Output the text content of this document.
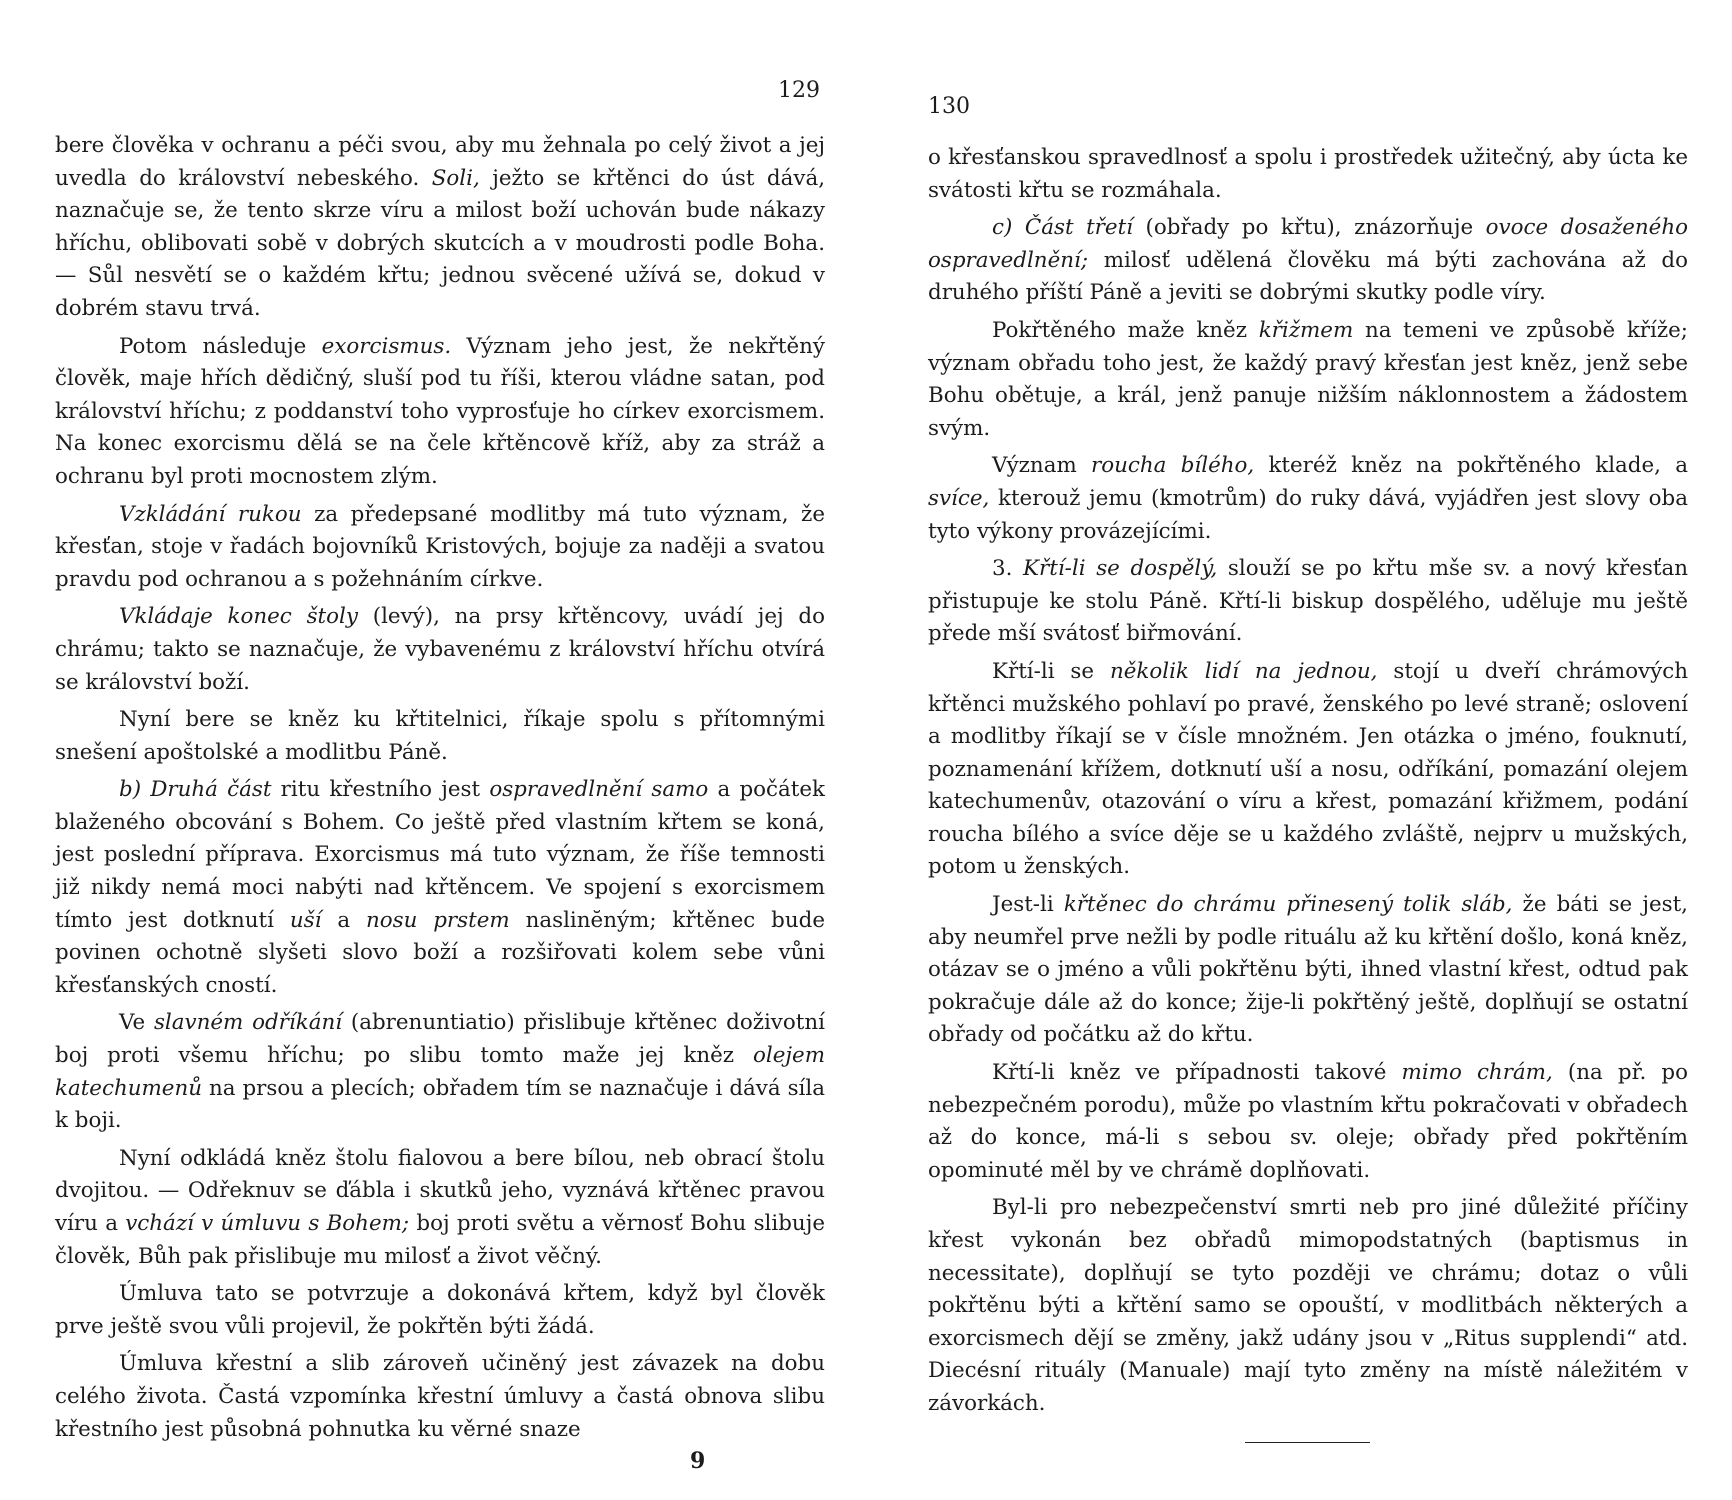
129

bere člověka v ochranu a péči svou, aby mu žehnala po celý život a jej uvedla do království nebeského. Soli, ježto se křtěnci do úst dává, naznačuje se, že tento skrze víru a milost boží uchován bude nákazy hříchu, oblibovati sobě v dobrých skutcích a v moudrosti podle Boha. — Sůl nesvětí se o každém křtu; jednou svěcené užívá se, dokud v dobrém stavu trvá.

Potom následuje exorcismus. Význam jeho jest, že nekřtěný člověk, maje hřích dědičný, sluší pod tu říši, kterou vládne satan, pod království hříchu; z poddanství toho vyprosťuje ho církev exorcismem. Na konec exorcismu dělá se na čele křtěncově kříž, aby za stráž a ochranu byl proti mocnostem zlým.

Vzkládání rukou za předepsané modlitby má tuto význam, že křesťan, stoje v řadách bojovníků Kristových, bojuje za naději a svatou pravdu pod ochranou a s požehnáním církve.

Vkládaje konec štoly (levý), na prsy křtěncovy, uvádí jej do chrámu; takto se naznačuje, že vybavenému z království hříchu otvírá se království boží.

Nyní bere se kněz ku křtitelnici, říkaje spolu s přítomnými snešení apoštolské a modlitbu Páně.

b) Druhá část ritu křestního jest ospravedlnění samo a počátek blaženého obcování s Bohem. Co ještě před vlastním křtem se koná, jest poslední příprava. Exorcismus má tuto význam, že říše temnosti již nikdy nemá moci nabýti nad křtěncem. Ve spojení s exorcismem tímto jest dotknutí uší a nosu prstem naslinĕným; křtěnec bude povinen ochotně slyšeti slovo boží a rozšiřovati kolem sebe vůni křesťanských cností.

Ve slavném odříkání (abrenuntiatio) přislibuje křtěnec doživotní boj proti všemu hříchu; po slibu tomto maže jej kněz olejem katechumenů na prsou a plecích; obřadem tím se naznačuje i dává síla k boji.

Nyní odkládá kněz štolu fialovou a bere bílou, neb obrací štolu dvojitou. — Odřeknuv se ďábla i skutků jeho, vyznává křtěnec pravou víru a vchází v úmluvu s Bohem; boj proti světu a věrnosť Bohu slibuje člověk, Bůh pak přislibuje mu milosť a život věčný.

Úmluva tato se potvrzuje a dokonává křtem, když byl člověk prve ještě svou vůli projevil, že pokřtěn býti žádá.

Úmluva křestní a slib zároveň učiněný jest závazek na dobu celého života. Častá vzpomínka křestní úmluvy a častá obnova slibu křestního jest působná pohnutka ku věrné snaze

9
130

o křesťanskou spravedlnosť a spolu i prostředek užitečný, aby úcta ke svátosti křtu se rozmáhala.

c) Část třetí (obřady po křtu), znázorňuje ovoce dosaženého ospravedlnění; milosť udělená člověku má býti zachována až do druhého příští Páně a jeviti se dobrými skutky podle víry.

Pokřtěného maže kněz křižmem na temeni ve způsobě kříže; význam obřadu toho jest, že každý pravý křesťan jest kněz, jenž sebe Bohu obětuje, a král, jenž panuje nižším náklonnostem a žádostem svým.

Význam roucha bílého, kteréž kněz na pokřtěného klade, a svíce, kterouž jemu (kmotrům) do ruky dává, vyjádřen jest slovy oba tyto výkony provázejícími.

3. Křtí-li se dospělý, slouží se po křtu mše sv. a nový křesťan přistupuje ke stolu Páně. Křtí-li biskup dospělého, uděluje mu ještě přede mší svátosť biřmování.

Křtí-li se několik lidí na jednou, stojí u dveří chrámových křtěnci mužského pohlaví po pravé, ženského po levé straně; oslovení a modlitby říkají se v čísle množném. Jen otázka o jméno, fouknutí, poznamenání křížem, dotknutí uší a nosu, odříkání, pomazání olejem katechumenův, otazování o víru a křest, pomazání křižmem, podání roucha bílého a svíce děje se u každého zvláště, nejprv u mužských, potom u ženských.

Jest-li křtěnec do chrámu přinesený tolik sláb, že báti se jest, aby neumřel prve nežli by podle rituálu až ku křtění došlo, koná kněz, otázav se o jméno a vůli pokřtěnu býti, ihned vlastní křest, odtud pak pokračuje dále až do konce; žije-li pokřtěný ještě, doplňují se ostatní obřady od počátku až do křtu.

Křtí-li kněz ve případnosti takové mimo chrám, (na př. po nebezpečném porodu), může po vlastním křtu pokračovati v obřadech až do konce, má-li s sebou sv. oleje; obřady před pokřtěním opominuté měl by ve chrámě doplňovati.

Byl-li pro nebezpečenství smrti neb pro jiné důležité příčiny křest vykonán bez obřadů mimopodstatných (baptismus in necessitate), doplňují se tyto později ve chrámu; dotaz o vůli pokřtěnu býti a křtění samo se opouští, v modlitbách některých a exorcismech dějí se změny, jakž udány jsou v „Ritus supplendi“ atd. Diecésní rituály (Manuale) mají tyto změny na místě náležitém v závorkách.
